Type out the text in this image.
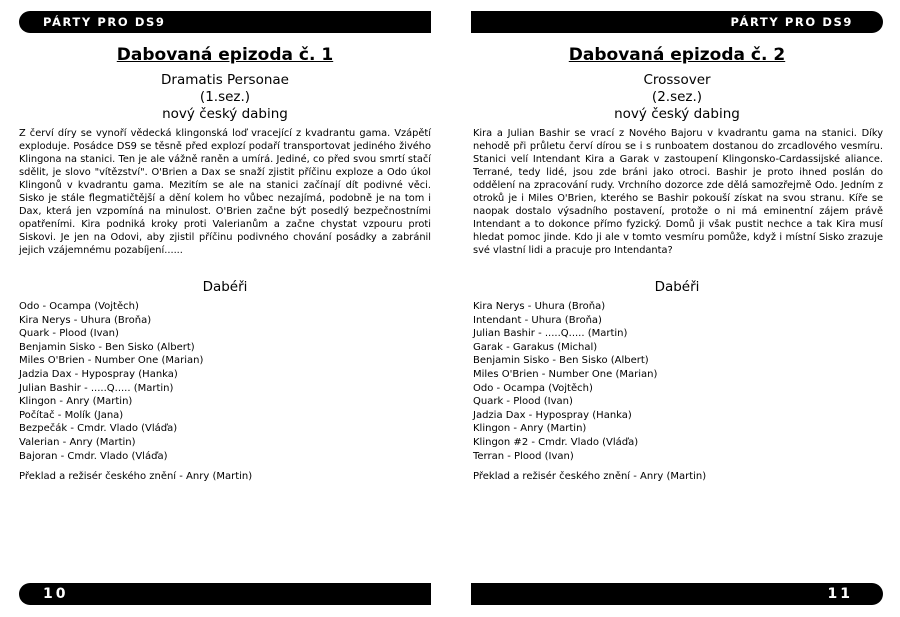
PÁRTY PRO DS9
Dabovaná epizoda č. 1
Dramatis Personae
(1.sez.)
nový český dabing

Z červí díry se vynoří vědecká klingonská loď vracející z kvadrantu gama. Vzápětí exploduje. Posádce DS9 se těsně před explozí podaří transportovat jediného živého Klingona na stanici. Ten je ale vážně raněn a umírá. Jediné, co před svou smrtí stačí sdělit, je slovo "vítězství". O'Brien a Dax se snaží zjistit příčinu exploze a Odo úkol Klingonů v kvadrantu gama. Mezitím se ale na stanici začínají dít podivné věci. Sisko je stále flegmatičtější a dění kolem ho vůbec nezajímá, podobně je na tom i Dax, která jen vzpomíná na minulost. O'Brien začne být posedlý bezpečnostními opatřeními. Kira podniká kroky proti Valerianům a začne chystat vzpouru proti Siskovi. Je jen na Odovi, aby zjistil příčinu podivného chování posádky a zabránil jejich vzájemnému pozabíjení......

Dabéři
Odo - Ocampa (Vojtěch)
Kira Nerys - Uhura (Broňa)
Quark - Plood (Ivan)
Benjamin Sisko - Ben Sisko (Albert)
Miles O'Brien - Number One (Marian)
Jadzia Dax - Hypospray (Hanka)
Julian Bashir - .....Q..... (Martin)
Klingon - Anry (Martin)
Počítač - Molík (Jana)
Bezpečák - Cmdr. Vlado (Vláďa)
Valerian - Anry (Martin)
Bajoran - Cmdr. Vlado (Vláďa)
Překlad a režisér českého znění - Anry (Martin)
10
PÁRTY PRO DS9
Dabovaná epizoda č. 2
Crossover
(2.sez.)
nový český dabing

Kira a Julian Bashir se vrací z Nového Bajoru v kvadrantu gama na stanici. Díky nehodě při průletu červí dírou se i s runboatem dostanou do zrcadlového vesmíru. Stanici velí Intendant Kira a Garak v zastoupení Klingonsko-Cardassijské aliance. Terrané, tedy lidé, jsou zde bráni jako otroci. Bashir je proto ihned poslán do oddělení na zpracování rudy. Vrchního dozorce zde dělá samozřejmě Odo. Jedním z otroků je i Miles O'Brien, kterého se Bashir pokouší získat na svou stranu. Kíře se naopak dostalo výsadního postavení, protože o ni má eminentní zájem právě Intendant a to dokonce přímo fyzický. Domů ji však pustit nechce a tak Kira musí hledat pomoc jinde. Kdo ji ale v tomto vesmíru pomůže, když i místní Sisko zrazuje své vlastní lidi a pracuje pro Intendanta?

Dabéři
Kira Nerys - Uhura (Broňa)
Intendant - Uhura (Broňa)
Julian Bashir - .....Q..... (Martin)
Garak - Garakus (Michal)
Benjamin Sisko - Ben Sisko (Albert)
Miles O'Brien - Number One (Marian)
Odo - Ocampa (Vojtěch)
Quark - Plood (Ivan)
Jadzia Dax - Hypospray (Hanka)
Klingon - Anry (Martin)
Klingon #2 - Cmdr. Vlado (Vláďa)
Terran - Plood (Ivan)
Překlad a režisér českého znění - Anry (Martin)
11
